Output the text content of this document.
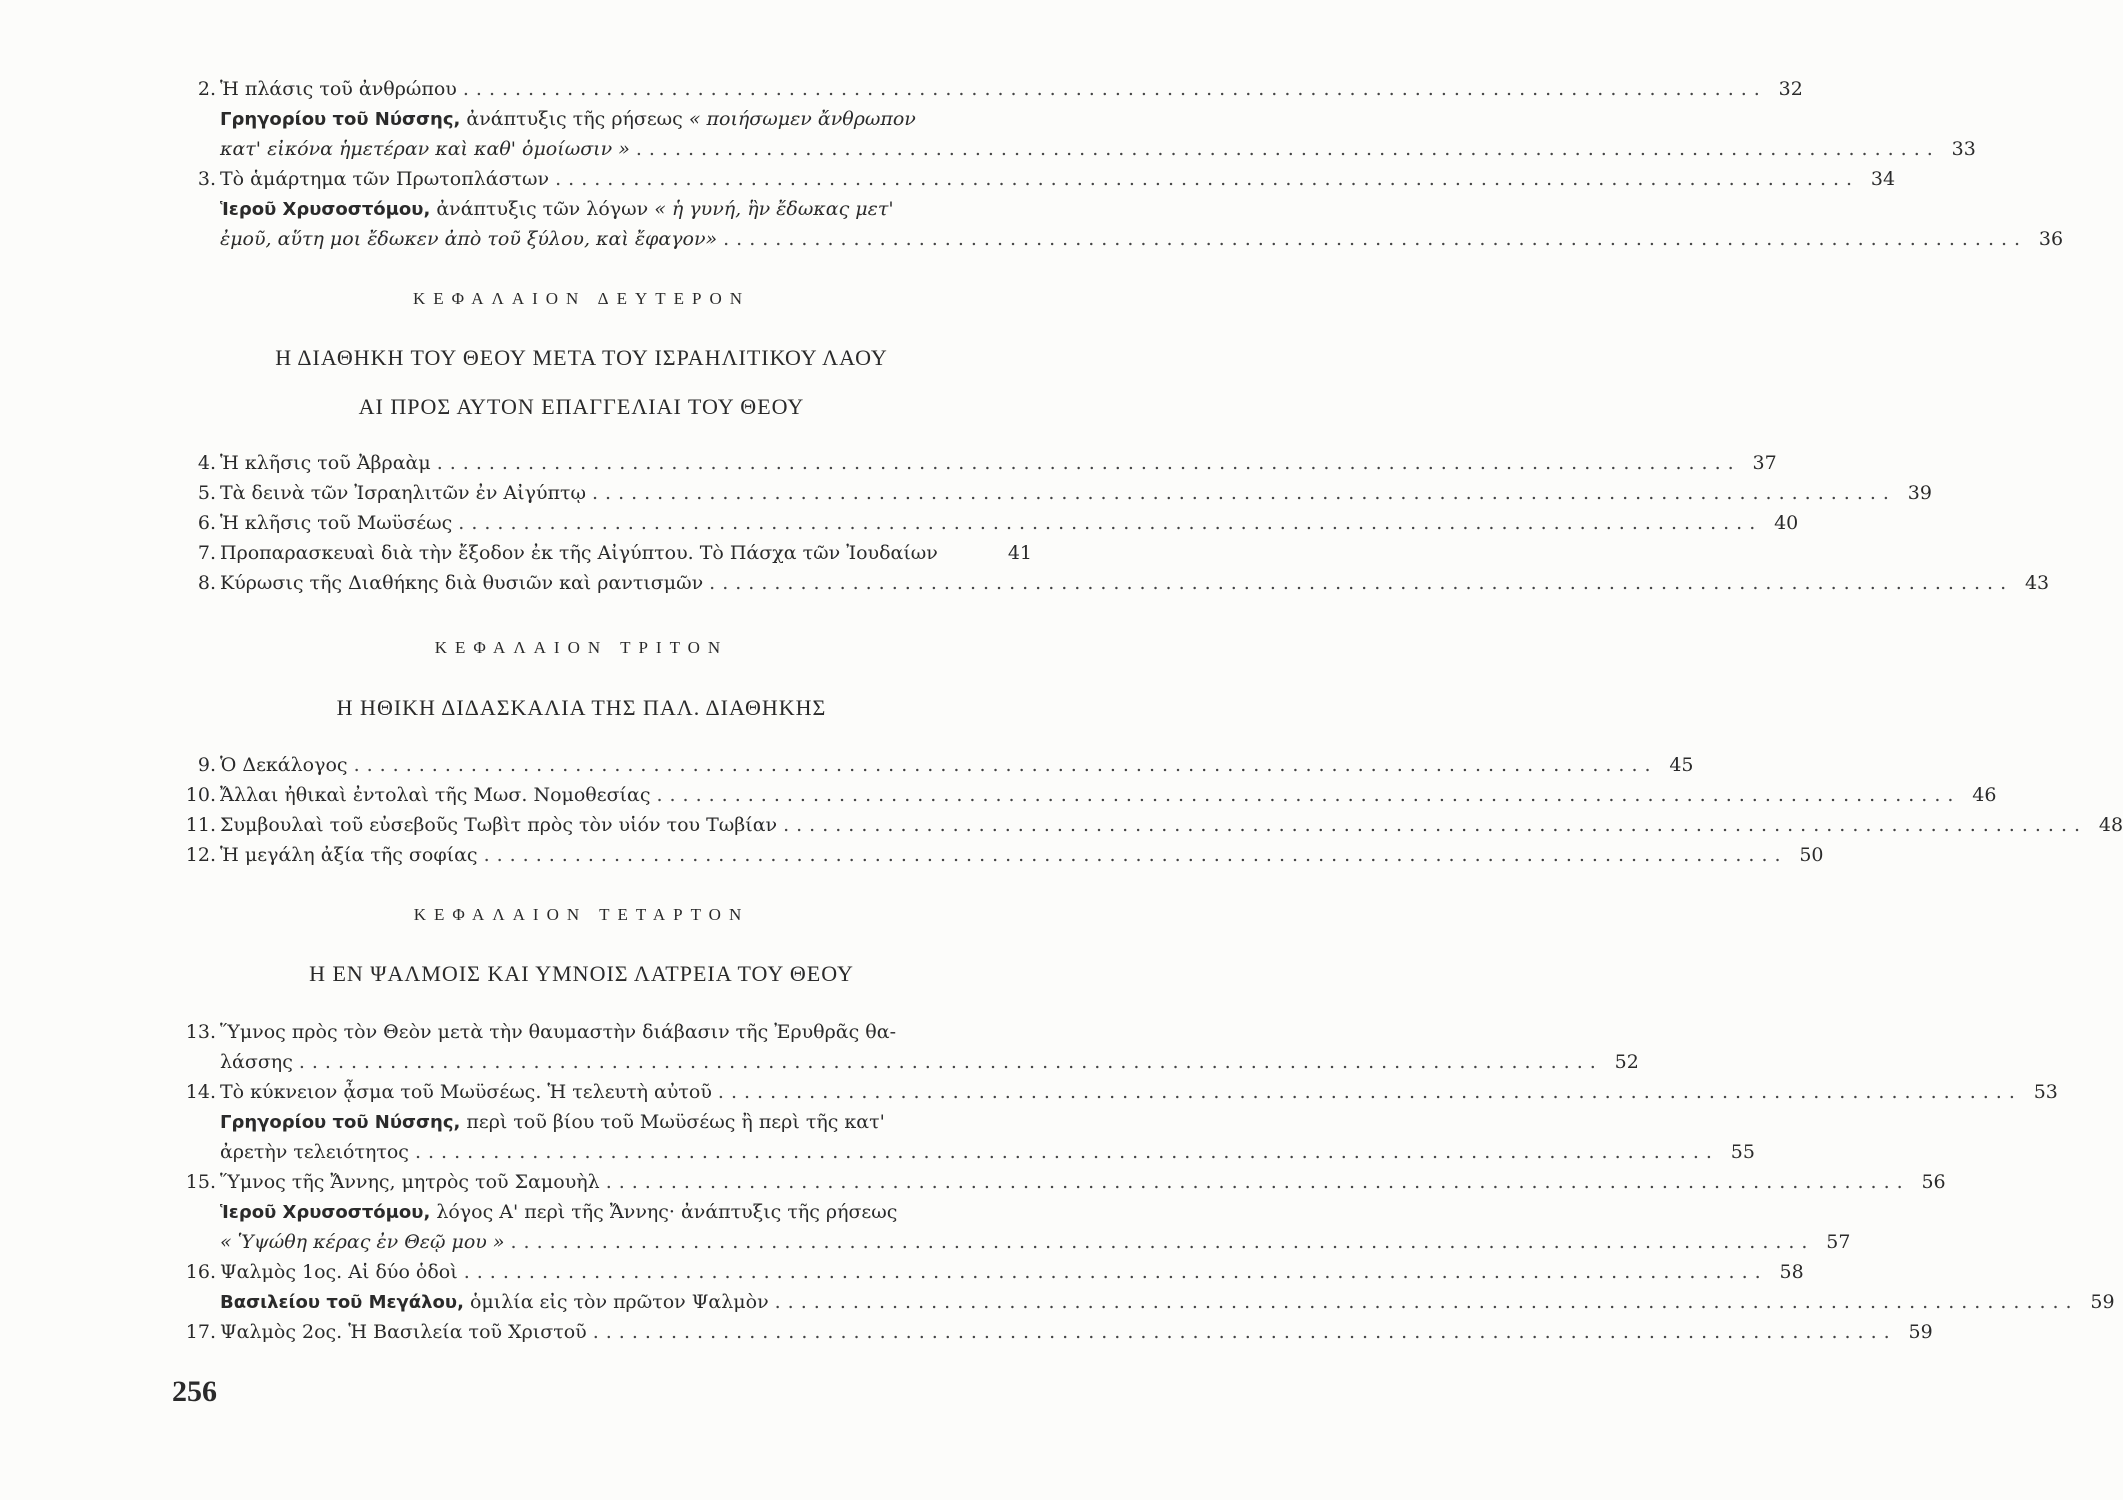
2. Ἡ πλάσις τοῦ ἀνθρώπου .................................................................................................... 32
Γρηγορίου τοῦ Νύσσης, ἀνάπτυξις τῆς ρήσεως « ποιήσωμεν ἄνθρωπον
κατ' εἰκόνα ἡμετέραν καὶ καθ' ὁμοίωσιν » .................................................................................................... 33
3. Τὸ ἁμάρτημα τῶν Πρωτοπλάστων .................................................................................................... 34
Ἱεροῦ Χρυσοστόμου, ἀνάπτυξις τῶν λόγων « ἡ γυνή, ἣν ἔδωκας μετ'
ἐμοῦ, αὕτη μοι ἔδωκεν ἀπὸ τοῦ ξύλου, καὶ ἔφαγον» .................................................................................................... 36
ΚΕΦΑΛΑΙΟΝ ΔΕΥΤΕΡΟΝ
Η ΔΙΑΘΗΚΗ ΤΟΥ ΘΕΟΥ ΜΕΤΑ ΤΟΥ ΙΣΡΑΗΛΙΤΙΚΟΥ ΛΑΟΥ
ΑΙ ΠΡΟΣ ΑΥΤΟΝ ΕΠΑΓΓΕΛΙΑΙ ΤΟΥ ΘΕΟΥ
4. Ἡ κλῆσις τοῦ Ἀβραὰμ .................................................................................................... 37
5. Τὰ δεινὰ τῶν Ἰσραηλιτῶν ἐν Αἰγύπτῳ .................................................................................................... 39
6. Ἡ κλῆσις τοῦ Μωϋσέως .................................................................................................... 40
7. Προπαρασκευαὶ διὰ τὴν ἔξοδον ἐκ τῆς Αἰγύπτου. Τὸ Πάσχα τῶν Ἰουδαίων	41
8. Κύρωσις τῆς Διαθήκης διὰ θυσιῶν καὶ ραντισμῶν .................................................................................................... 43
ΚΕΦΑΛΑΙΟΝ ΤΡΙΤΟΝ
Η ΗΘΙΚΗ ΔΙΔΑΣΚΑΛΙΑ ΤΗΣ ΠΑΛ. ΔΙΑΘΗΚΗΣ
9. Ὁ Δεκάλογος .................................................................................................... 45
10. Ἄλλαι ἠθικαὶ ἐντολαὶ τῆς Μωσ. Νομοθεσίας .................................................................................................... 46
11. Συμβουλαὶ τοῦ εὐσεβοῦς Τωβὶτ πρὸς τὸν υἱόν του Τωβίαν .................................................................................................... 48
12. Ἡ μεγάλη ἀξία τῆς σοφίας .................................................................................................... 50
ΚΕΦΑΛΑΙΟΝ ΤΕΤΑΡΤΟΝ
Η ΕΝ ΨΑΛΜΟΙΣ ΚΑΙ ΥΜΝΟΙΣ ΛΑΤΡΕΙΑ ΤΟΥ ΘΕΟΥ
13. Ὕμνος πρὸς τὸν Θεὸν μετὰ τὴν θαυμαστὴν διάβασιν τῆς Ἐρυθρᾶς θα-
λάσσης .................................................................................................... 52
14. Τὸ κύκνειον ᾆσμα τοῦ Μωϋσέως. Ἡ τελευτὴ αὐτοῦ .................................................................................................... 53
Γρηγορίου τοῦ Νύσσης, περὶ τοῦ βίου τοῦ Μωϋσέως ἢ περὶ τῆς κατ'
ἀρετὴν τελειότητος .................................................................................................... 55
15. Ὕμνος τῆς Ἄννης, μητρὸς τοῦ Σαμουὴλ .................................................................................................... 56
Ἱεροῦ Χρυσοστόμου, λόγος Α' περὶ τῆς Ἄννης· ἀνάπτυξις τῆς ρήσεως
« Ὑψώθη κέρας ἐν Θεῷ μου » .................................................................................................... 57
16. Ψαλμὸς 1ος. Αἱ δύο ὁδοὶ .................................................................................................... 58
Βασιλείου τοῦ Μεγάλου, ὁμιλία εἰς τὸν πρῶτον Ψαλμὸν .................................................................................................... 59
17. Ψαλμὸς 2ος. Ἡ Βασιλεία τοῦ Χριστοῦ .................................................................................................... 59
256
